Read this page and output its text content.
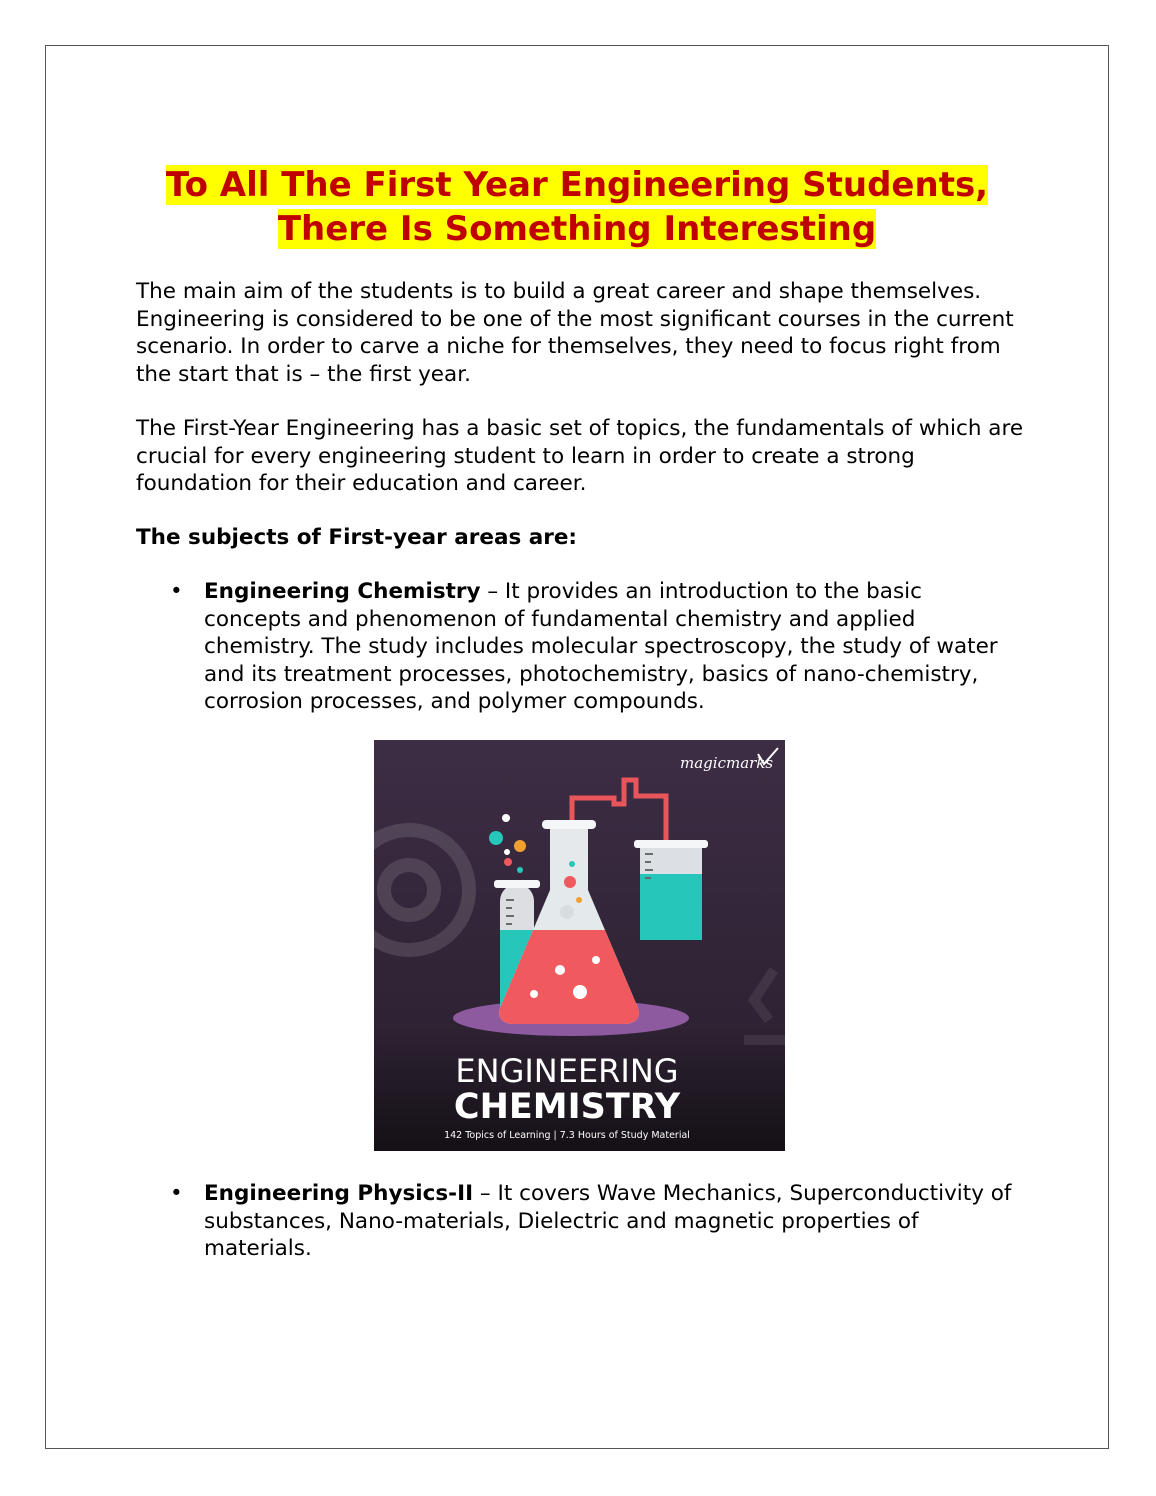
To All The First Year Engineering Students,
There Is Something Interesting

The main aim of the students is to build a great career and shape themselves. Engineering is considered to be one of the most significant courses in the current scenario. In order to carve a niche for themselves, they need to focus right from the start that is – the first year.

The First-Year Engineering has a basic set of topics, the fundamentals of which are crucial for every engineering student to learn in order to create a strong foundation for their education and career.

The subjects of First-year areas are:

• Engineering Chemistry – It provides an introduction to the basic concepts and phenomenon of fundamental chemistry and applied chemistry. The study includes molecular spectroscopy, the study of water and its treatment processes, photochemistry, basics of nano-chemistry, corrosion processes, and polymer compounds.
magicmarks
ENGINEERING
CHEMISTRY
142 Topics of Learning | 7.3 Hours of Study Material
• Engineering Physics-II – It covers Wave Mechanics, Superconductivity of substances, Nano-materials, Dielectric and magnetic properties of materials.
